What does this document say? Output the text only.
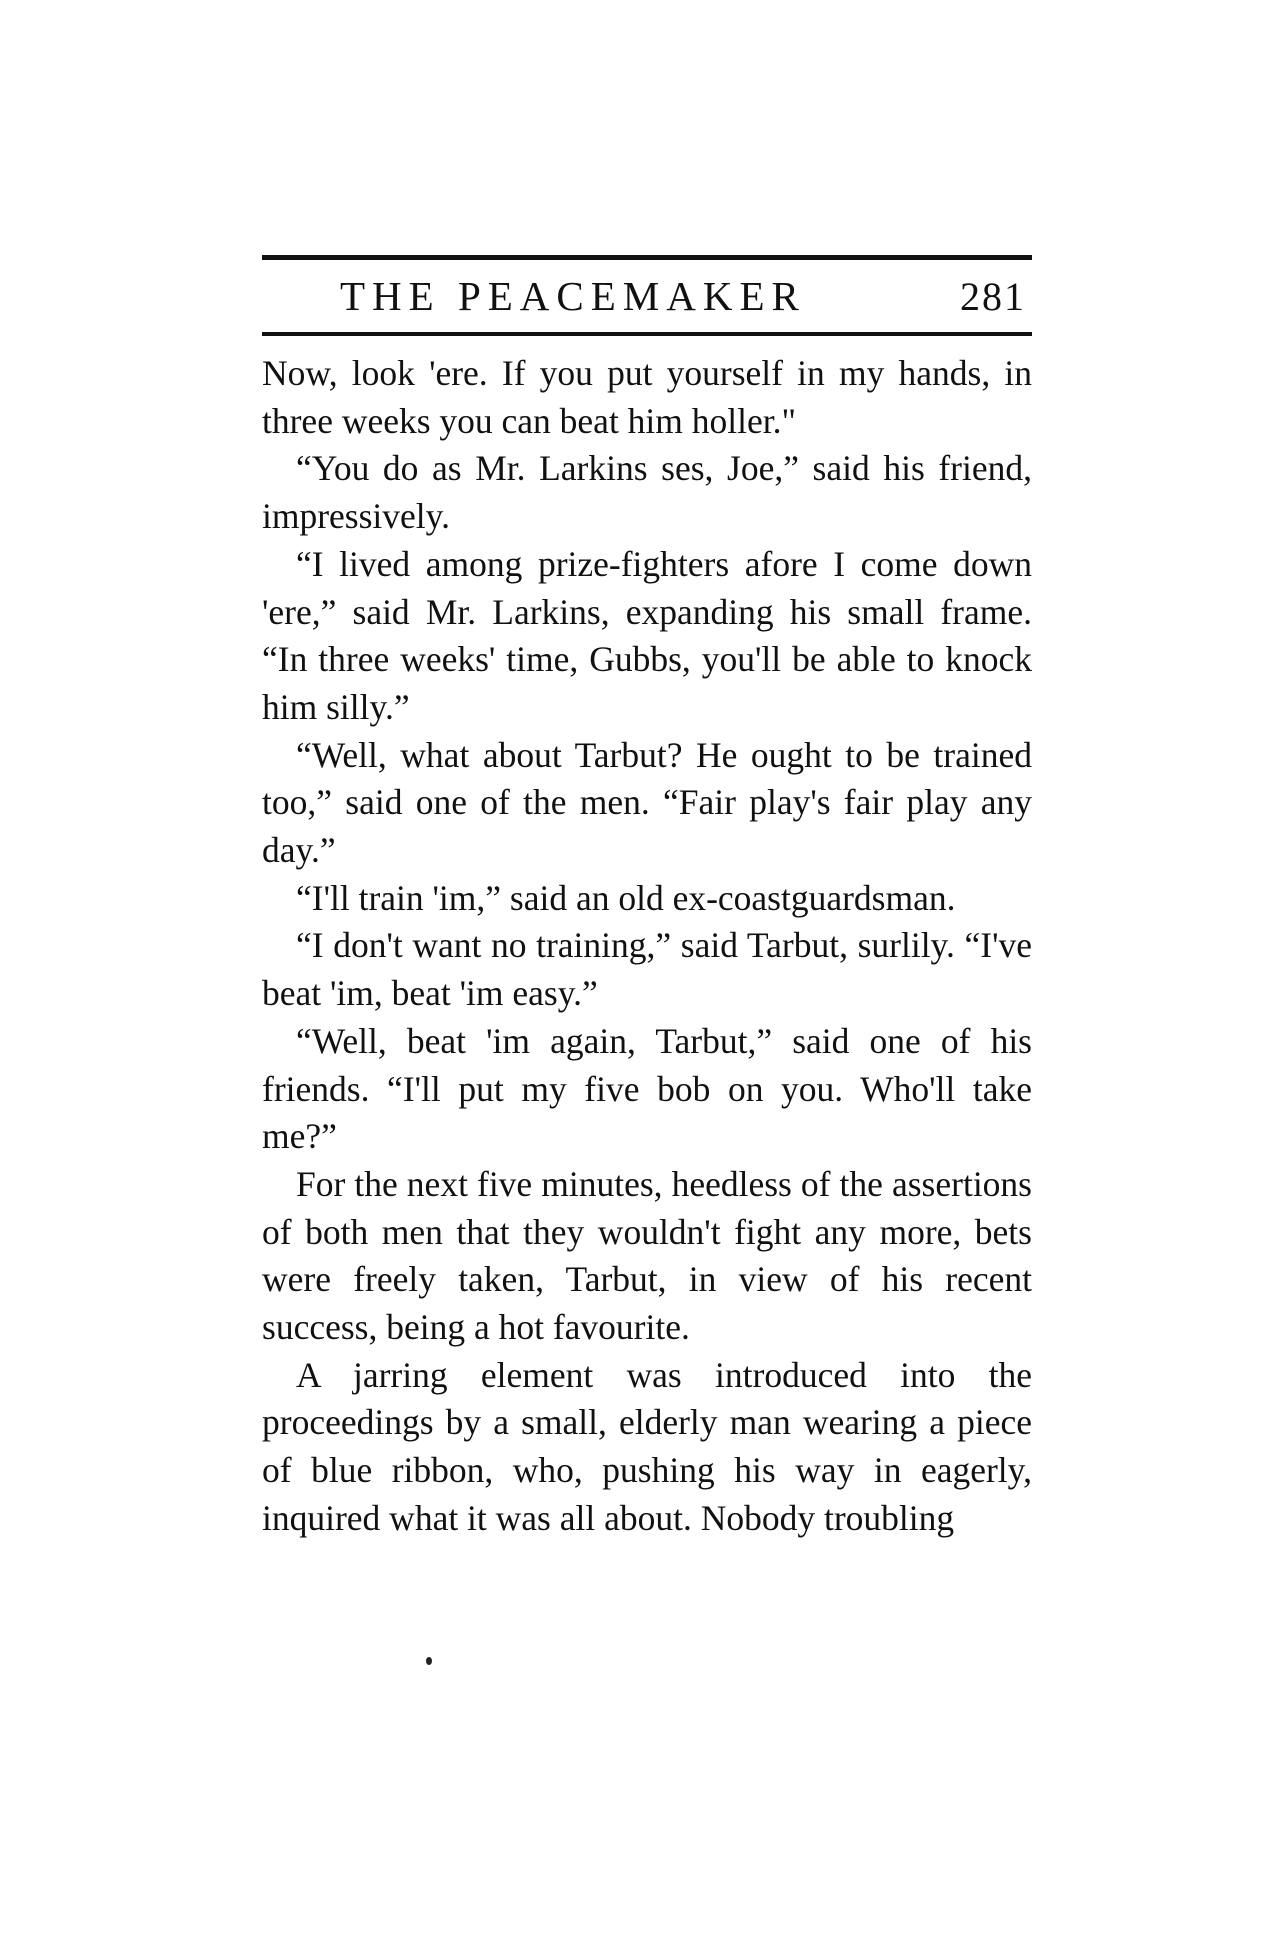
THE PEACEMAKER	281

Now, look 'ere. If you put yourself in my hands, in three weeks you can beat him holler."

“You do as Mr. Larkins ses, Joe,” said his friend, impressively.

“I lived among prize-fighters afore I come down 'ere,” said Mr. Larkins, expanding his small frame. “In three weeks' time, Gubbs, you'll be able to knock him silly.”

“Well, what about Tarbut? He ought to be trained too,” said one of the men. “Fair play's fair play any day.”

“I'll train 'im,” said an old ex-coastguardsman.

“I don't want no training,” said Tarbut, surlily. “I've beat 'im, beat 'im easy.”

“Well, beat 'im again, Tarbut,” said one of his friends. “I'll put my five bob on you. Who'll take me?”

For the next five minutes, heedless of the assertions of both men that they wouldn't fight any more, bets were freely taken, Tarbut, in view of his recent success, being a hot favourite.

A jarring element was introduced into the proceedings by a small, elderly man wearing a piece of blue ribbon, who, pushing his way in eagerly, inquired what it was all about. Nobody troubling
